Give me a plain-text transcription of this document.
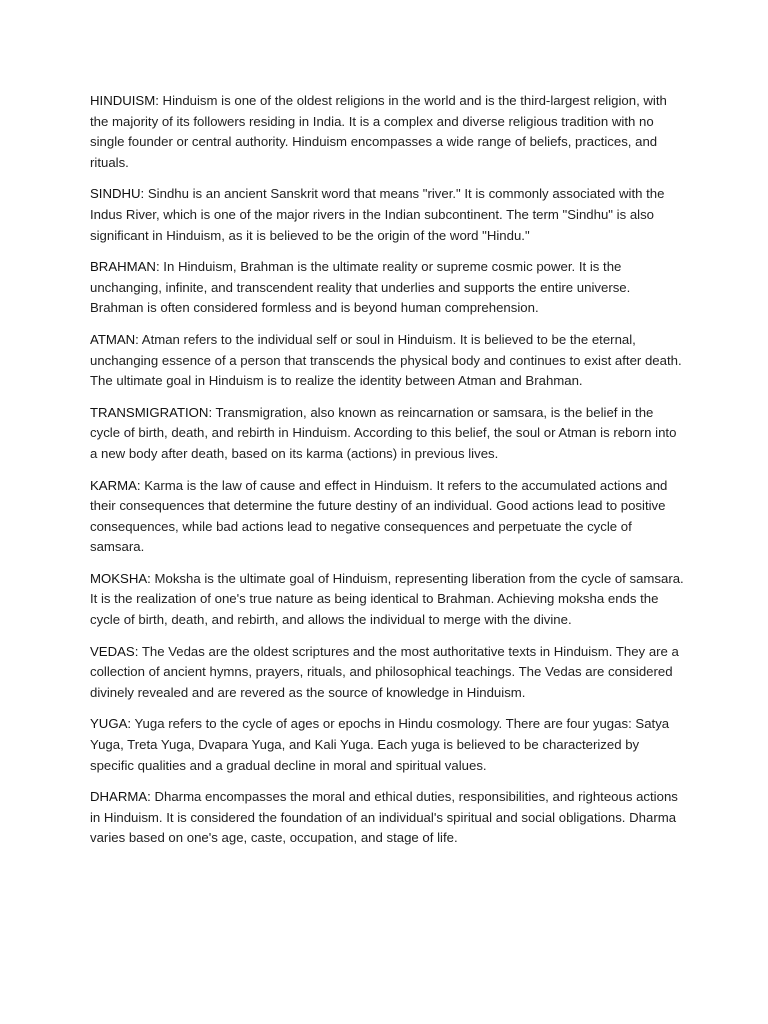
HINDUISM: Hinduism is one of the oldest religions in the world and is the third-largest religion, with the majority of its followers residing in India. It is a complex and diverse religious tradition with no single founder or central authority. Hinduism encompasses a wide range of beliefs, practices, and rituals.

SINDHU: Sindhu is an ancient Sanskrit word that means "river." It is commonly associated with the Indus River, which is one of the major rivers in the Indian subcontinent. The term "Sindhu" is also significant in Hinduism, as it is believed to be the origin of the word "Hindu."

BRAHMAN: In Hinduism, Brahman is the ultimate reality or supreme cosmic power. It is the unchanging, infinite, and transcendent reality that underlies and supports the entire universe. Brahman is often considered formless and is beyond human comprehension.

ATMAN: Atman refers to the individual self or soul in Hinduism. It is believed to be the eternal, unchanging essence of a person that transcends the physical body and continues to exist after death. The ultimate goal in Hinduism is to realize the identity between Atman and Brahman.

TRANSMIGRATION: Transmigration, also known as reincarnation or samsara, is the belief in the cycle of birth, death, and rebirth in Hinduism. According to this belief, the soul or Atman is reborn into a new body after death, based on its karma (actions) in previous lives.

KARMA: Karma is the law of cause and effect in Hinduism. It refers to the accumulated actions and their consequences that determine the future destiny of an individual. Good actions lead to positive consequences, while bad actions lead to negative consequences and perpetuate the cycle of samsara.

MOKSHA: Moksha is the ultimate goal of Hinduism, representing liberation from the cycle of samsara. It is the realization of one's true nature as being identical to Brahman. Achieving moksha ends the cycle of birth, death, and rebirth, and allows the individual to merge with the divine.

VEDAS: The Vedas are the oldest scriptures and the most authoritative texts in Hinduism. They are a collection of ancient hymns, prayers, rituals, and philosophical teachings. The Vedas are considered divinely revealed and are revered as the source of knowledge in Hinduism.

YUGA: Yuga refers to the cycle of ages or epochs in Hindu cosmology. There are four yugas: Satya Yuga, Treta Yuga, Dvapara Yuga, and Kali Yuga. Each yuga is believed to be characterized by specific qualities and a gradual decline in moral and spiritual values.

DHARMA: Dharma encompasses the moral and ethical duties, responsibilities, and righteous actions in Hinduism. It is considered the foundation of an individual's spiritual and social obligations. Dharma varies based on one's age, caste, occupation, and stage of life.
